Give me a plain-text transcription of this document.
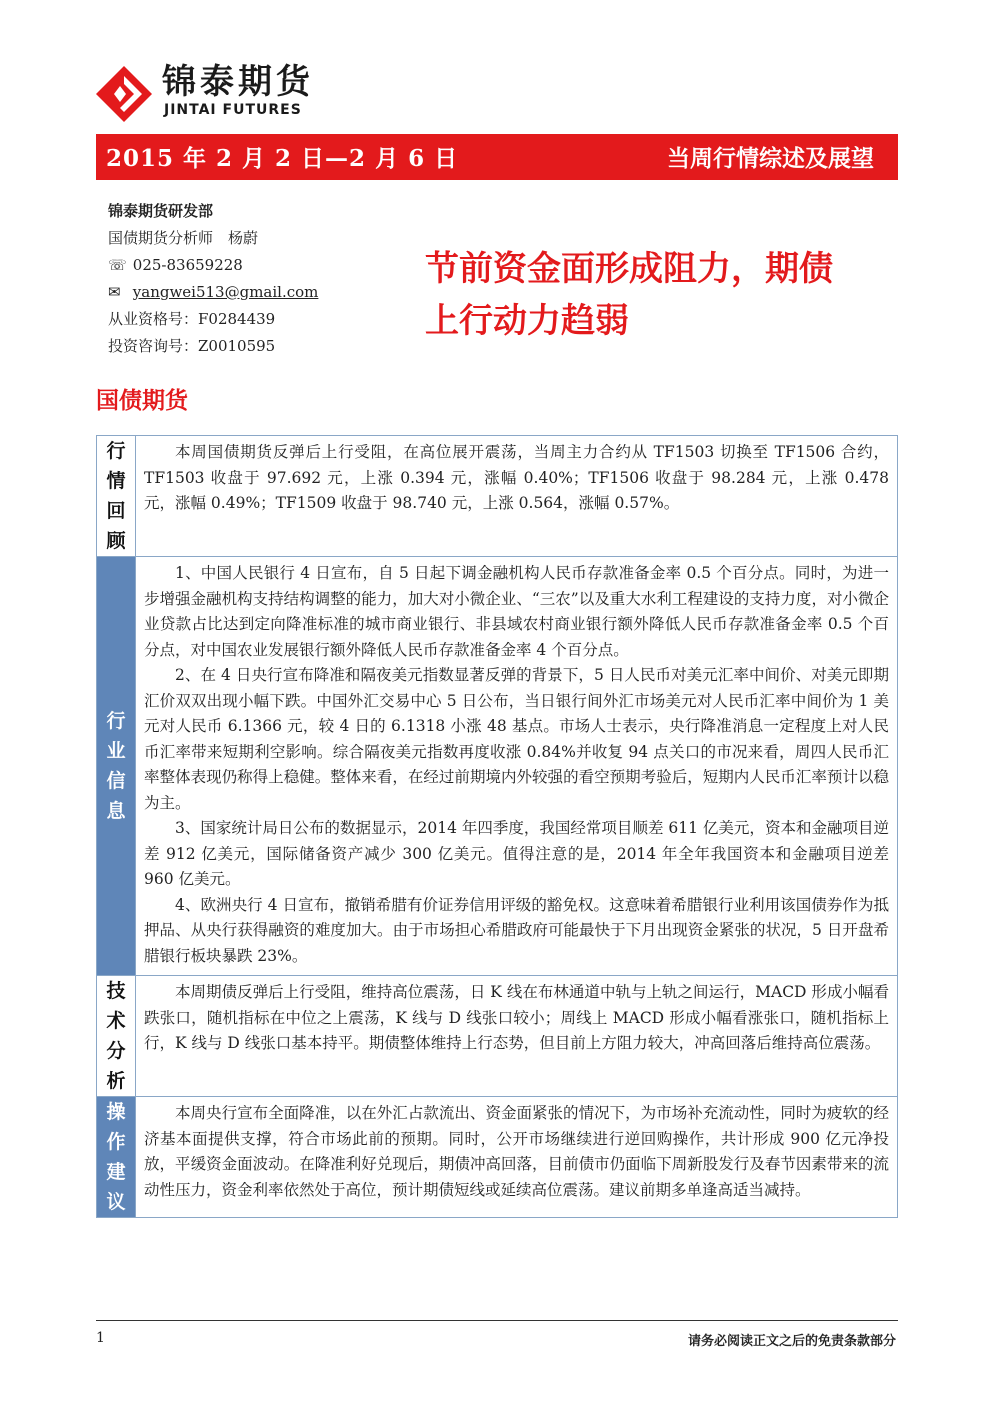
锦泰期货
JINTAI FUTURES
2015 年 2 月 2 日—2 月 6 日	当周行情综述及展望
锦泰期货研发部
国债期货分析师　杨蔚
☏ 025-83659228
✉ yangwei513@gmail.com
从业资格号：F0284439
投资咨询号：Z0010595
节前资金面形成阻力，期债
上行动力趋弱
国债期货
行
情
回
顾

本周国债期货反弹后上行受阻，在高位展开震荡，当周主力合约从 TF1503 切换至 TF1506 合约，TF1503 收盘于 97.692 元，上涨 0.394 元，涨幅 0.40%；TF1506 收盘于 98.284 元，上涨 0.478 元，涨幅 0.49%；TF1509 收盘于 98.740 元，上涨 0.564，涨幅 0.57%。

行
业
信
息

1、中国人民银行 4 日宣布，自 5 日起下调金融机构人民币存款准备金率 0.5 个百分点。同时，为进一步增强金融机构支持结构调整的能力，加大对小微企业、“三农”以及重大水利工程建设的支持力度，对小微企业贷款占比达到定向降准标准的城市商业银行、非县域农村商业银行额外降低人民币存款准备金率 0.5 个百分点，对中国农业发展银行额外降低人民币存款准备金率 4 个百分点。

2、在 4 日央行宣布降准和隔夜美元指数显著反弹的背景下，5 日人民币对美元汇率中间价、对美元即期汇价双双出现小幅下跌。中国外汇交易中心 5 日公布，当日银行间外汇市场美元对人民币汇率中间价为 1 美元对人民币 6.1366 元，较 4 日的 6.1318 小涨 48 基点。市场人士表示，央行降准消息一定程度上对人民币汇率带来短期利空影响。综合隔夜美元指数再度收涨 0.84%并收复 94 点关口的市况来看，周四人民币汇率整体表现仍称得上稳健。整体来看，在经过前期境内外较强的看空预期考验后，短期内人民币汇率预计以稳为主。

3、国家统计局日公布的数据显示，2014 年四季度，我国经常项目顺差 611 亿美元，资本和金融项目逆差 912 亿美元，国际储备资产减少 300 亿美元。值得注意的是，2014 年全年我国资本和金融项目逆差 960 亿美元。

4、欧洲央行 4 日宣布，撤销希腊有价证券信用评级的豁免权。这意味着希腊银行业利用该国债券作为抵押品、从央行获得融资的难度加大。由于市场担心希腊政府可能最快于下月出现资金紧张的状况，5 日开盘希腊银行板块暴跌 23%。

技
术
分
析

本周期债反弹后上行受阻，维持高位震荡，日 K 线在布林通道中轨与上轨之间运行，MACD 形成小幅看跌张口，随机指标在中位之上震荡，K 线与 D 线张口较小；周线上 MACD 形成小幅看涨张口，随机指标上行，K 线与 D 线张口基本持平。期债整体维持上行态势，但目前上方阻力较大，冲高回落后维持高位震荡。

操
作
建
议

本周央行宣布全面降准，以在外汇占款流出、资金面紧张的情况下，为市场补充流动性，同时为疲软的经济基本面提供支撑，符合市场此前的预期。同时，公开市场继续进行逆回购操作，共计形成 900 亿元净投放，平缓资金面波动。在降准利好兑现后，期债冲高回落，目前债市仍面临下周新股发行及春节因素带来的流动性压力，资金利率依然处于高位，预计期债短线或延续高位震荡。建议前期多单逢高适当减持。

1	请务必阅读正文之后的免责条款部分
